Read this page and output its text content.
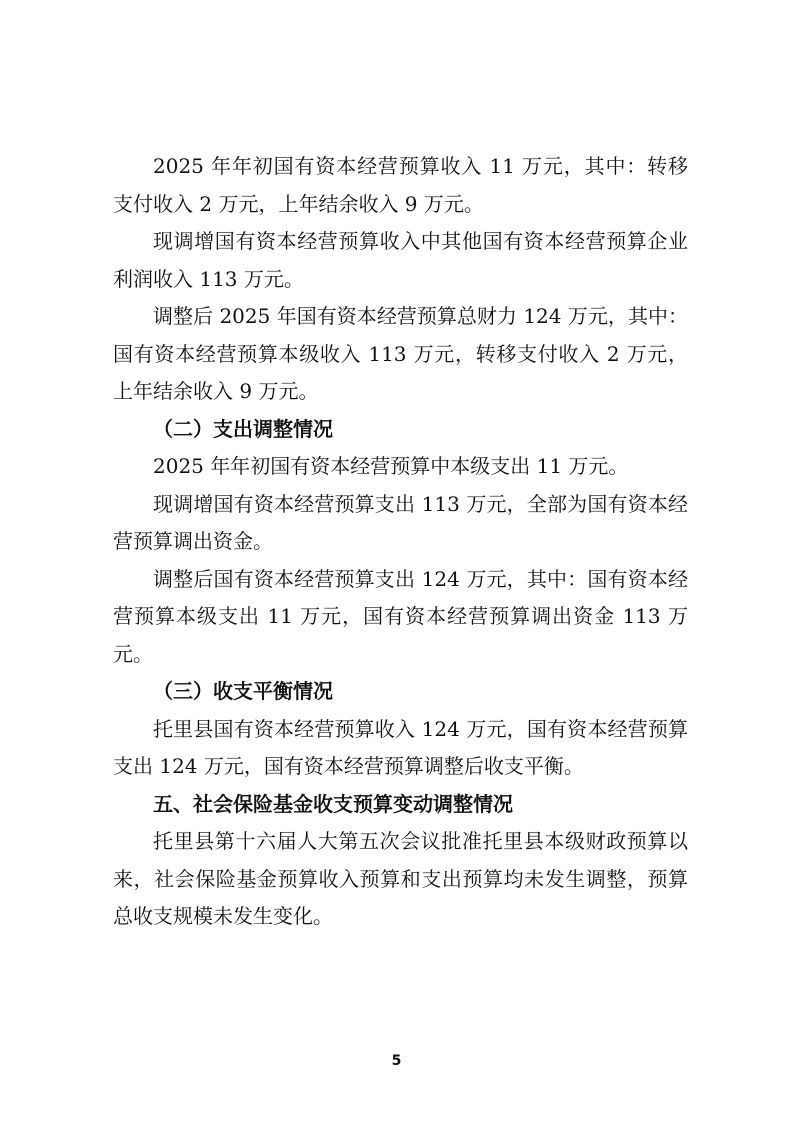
2025 年年初国有资本经营预算收入 11 万元，其中：转移支付收入 2 万元，上年结余收入 9 万元。

现调增国有资本经营预算收入中其他国有资本经营预算企业利润收入 113 万元。

调整后 2025 年国有资本经营预算总财力 124 万元，其中：国有资本经营预算本级收入 113 万元，转移支付收入 2 万元，上年结余收入 9 万元。

（二）支出调整情况

2025 年年初国有资本经营预算中本级支出 11 万元。

现调增国有资本经营预算支出 113 万元，全部为国有资本经营预算调出资金。

调整后国有资本经营预算支出 124 万元，其中：国有资本经营预算本级支出 11 万元，国有资本经营预算调出资金 113 万元。

（三）收支平衡情况

托里县国有资本经营预算收入 124 万元，国有资本经营预算支出 124 万元，国有资本经营预算调整后收支平衡。

五、社会保险基金收支预算变动调整情况

托里县第十六届人大第五次会议批准托里县本级财政预算以来，社会保险基金预算收入预算和支出预算均未发生调整，预算总收支规模未发生变化。

5
